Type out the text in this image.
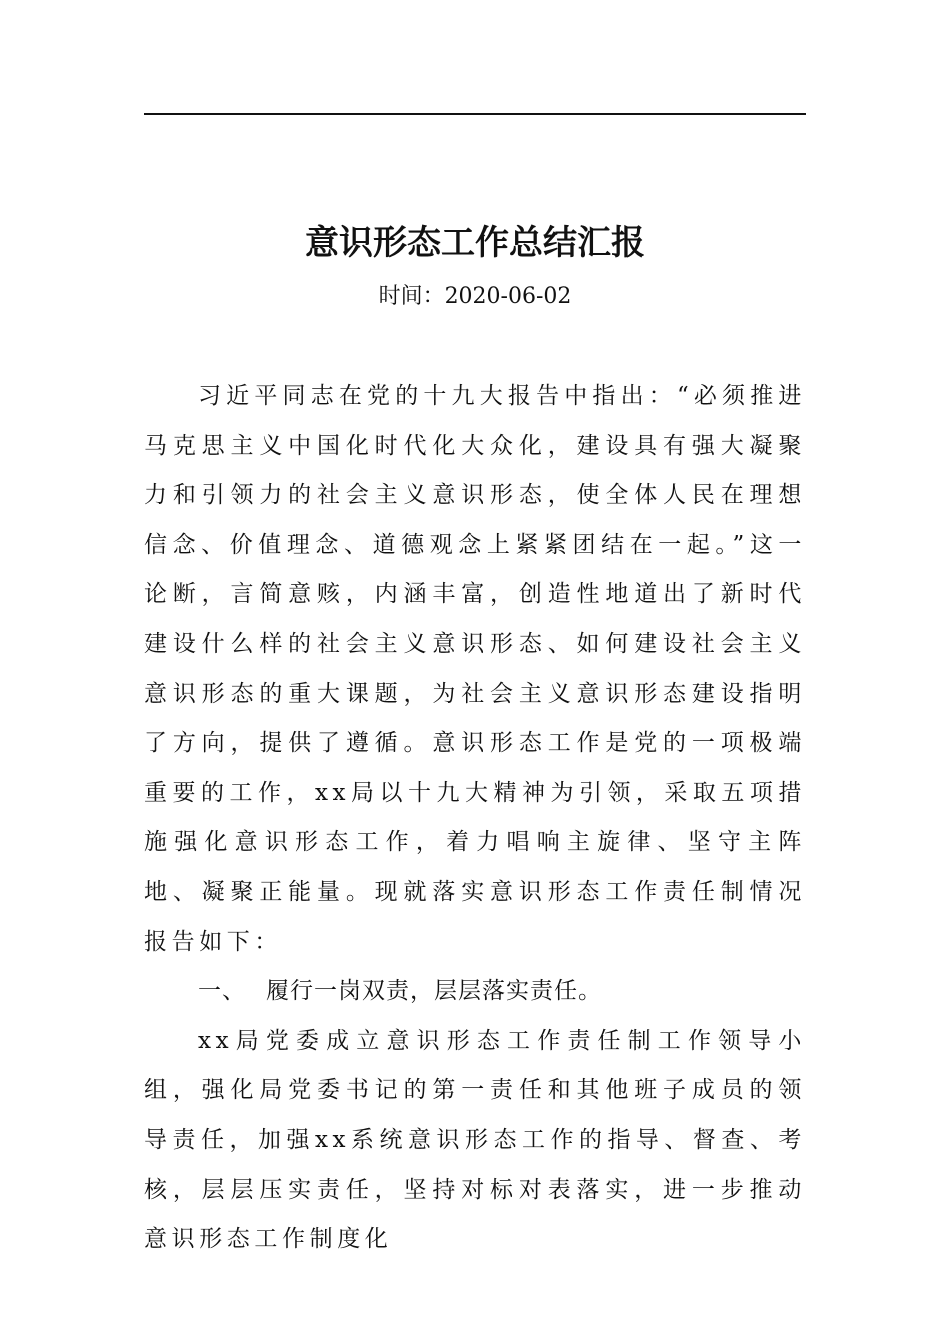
意识形态工作总结汇报
时间：2020-06-02

习近平同志在党的十九大报告中指出：“必须推进马克思主义中国化时代化大众化，建设具有强大凝聚力和引领力的社会主义意识形态，使全体人民在理想信念、价值理念、道德观念上紧紧团结在一起。”这一论断，言简意赅，内涵丰富，创造性地道出了新时代建设什么样的社会主义意识形态、如何建设社会主义意识形态的重大课题，为社会主义意识形态建设指明了方向，提供了遵循。意识形态工作是党的一项极端重要的工作，xx局以十九大精神为引领，采取五项措施强化意识形态工作，着力唱响主旋律、坚守主阵地、凝聚正能量。现就落实意识形态工作责任制情况报告如下：

一、 履行一岗双责，层层落实责任。

xx局党委成立意识形态工作责任制工作领导小组，强化局党委书记的第一责任和其他班子成员的领导责任，加强xx系统意识形态工作的指导、督查、考核，层层压实责任，坚持对标对表落实，进一步推动意识形态工作制度化
